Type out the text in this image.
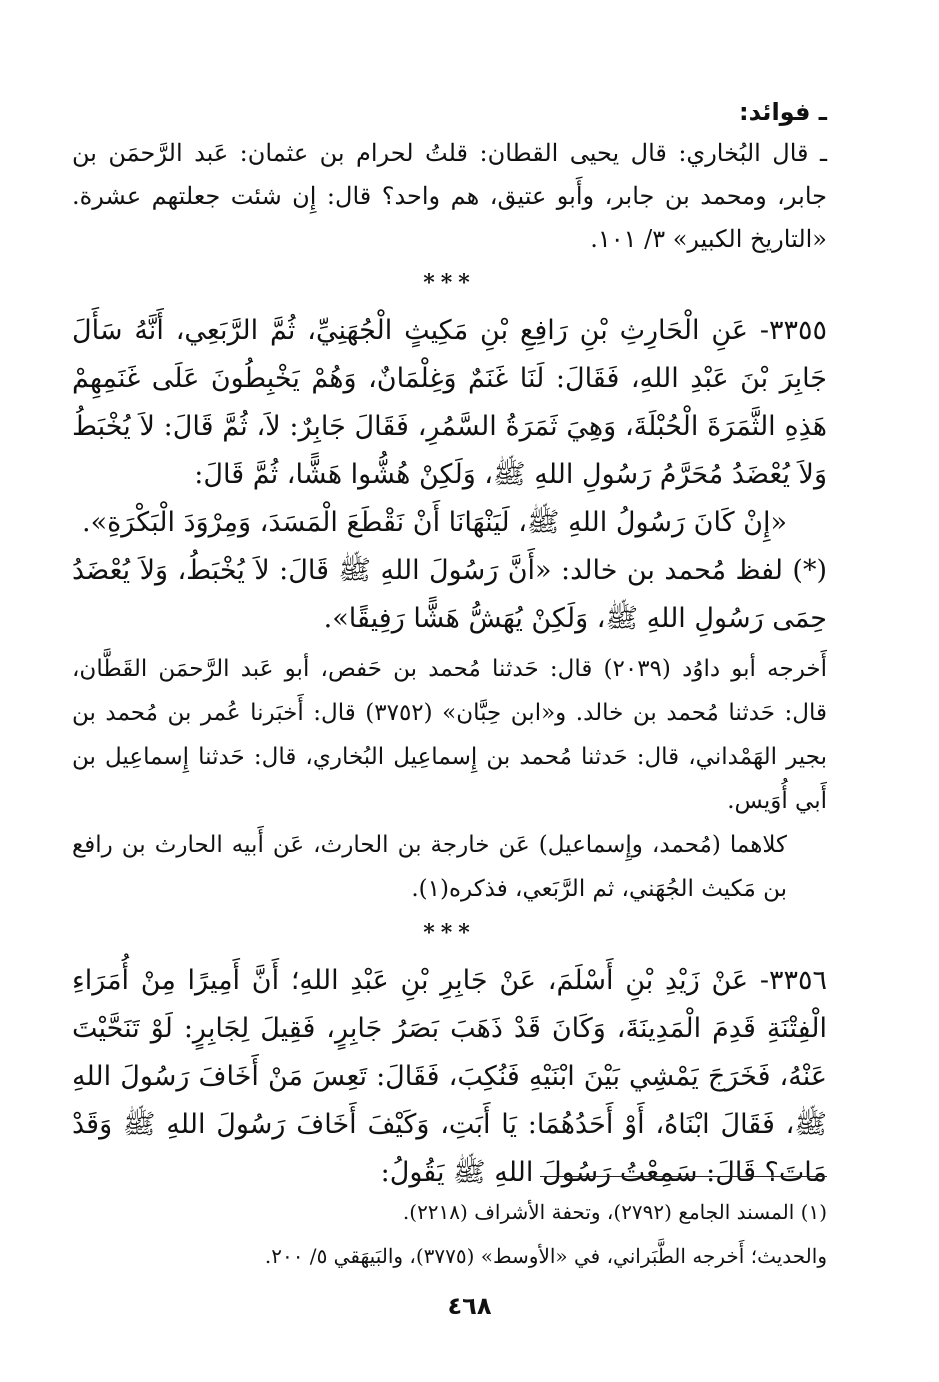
ـ فوائد:

ـ قال البُخاري: قال يحيى القطان: قلتُ لحرام بن عثمان: عَبد الرَّحمَن بن جابر، ومحمد بن جابر، وأَبو عتيق، هم واحد؟ قال: إِن شئت جعلتهم عشرة. «التاريخ الكبير» ٣/ ١٠١.

***

٣٣٥٥- عَنِ الْحَارِثِ بْنِ رَافِعِ بْنِ مَكِيثٍ الْجُهَنِيِّ، ثُمَّ الرَّبَعِي، أَنَّهُ سَأَلَ جَابِرَ بْنَ عَبْدِ اللهِ، فَقَالَ: لَنَا غَنَمٌ وَغِلْمَانٌ، وَهُمْ يَخْبِطُونَ عَلَى غَنَمِهِمْ هَذِهِ الثَّمَرَةَ الْحُبْلَةَ، وَهِيَ ثَمَرَةُ السَّمُرِ، فَقَالَ جَابِرٌ: لاَ، ثُمَّ قَالَ: لاَ يُخْبَطُ وَلاَ يُعْضَدُ مُحَرَّمُ رَسُولِ اللهِ ﷺ، وَلَكِنْ هُشُّوا هَشًّا، ثُمَّ قَالَ:

«إِنْ كَانَ رَسُولُ اللهِ ﷺ، لَيَنْهَانَا أَنْ نَقْطَعَ الْمَسَدَ، وَمِرْوَدَ الْبَكْرَةِ».

(*) لفظ مُحمد بن خالد: «أَنَّ رَسُولَ اللهِ ﷺ قَالَ: لاَ يُخْبَطُ، وَلاَ يُعْضَدُ حِمَى رَسُولِ اللهِ ﷺ، وَلَكِنْ يُهَشُّ هَشًّا رَفِيقًا».

أَخرجه أبو داوُد (٢٠٣٩) قال: حَدثنا مُحمد بن حَفص، أبو عَبد الرَّحمَن القَطَّان، قال: حَدثنا مُحمد بن خالد. و«ابن حِبَّان» (٣٧٥٢) قال: أَخبَرنا عُمر بن مُحمد بن بجير الهَمْداني، قال: حَدثنا مُحمد بن إِسماعِيل البُخاري، قال: حَدثنا إِسماعِيل بن أَبي أُوَيس.

كلاهما (مُحمد، وإِسماعيل) عَن خارجة بن الحارث، عَن أَبيه الحارث بن رافع بن مَكيث الجُهَني، ثم الرَّبَعي، فذكره(١).

***

٣٣٥٦- عَنْ زَيْدِ بْنِ أَسْلَمَ، عَنْ جَابِرِ بْنِ عَبْدِ اللهِ؛ أَنَّ أَمِيرًا مِنْ أُمَرَاءِ الْفِتْنَةِ قَدِمَ الْمَدِينَةَ، وَكَانَ قَدْ ذَهَبَ بَصَرُ جَابِرٍ، فَقِيلَ لِجَابِرٍ: لَوْ تَنَحَّيْتَ عَنْهُ، فَخَرَجَ يَمْشِي بَيْنَ ابْنَيْهِ فَنُكِبَ، فَقَالَ: تَعِسَ مَنْ أَخَافَ رَسُولَ اللهِ ﷺ، فَقَالَ ابْنَاهُ، أَوْ أَحَدُهُمَا: يَا أَبَتِ، وَكَيْفَ أَخَافَ رَسُولَ اللهِ ﷺ وَقَدْ مَاتَ؟ قَالَ: سَمِعْتُ رَسُولَ اللهِ ﷺ يَقُولُ:

(١) المسند الجامع (٢٧٩٢)، وتحفة الأشراف (٢٢١٨).

والحديث؛ أَخرجه الطَّبَراني، في «الأوسط» (٣٧٧٥)، والبَيهَقي ٥/ ٢٠٠.

٤٦٨
